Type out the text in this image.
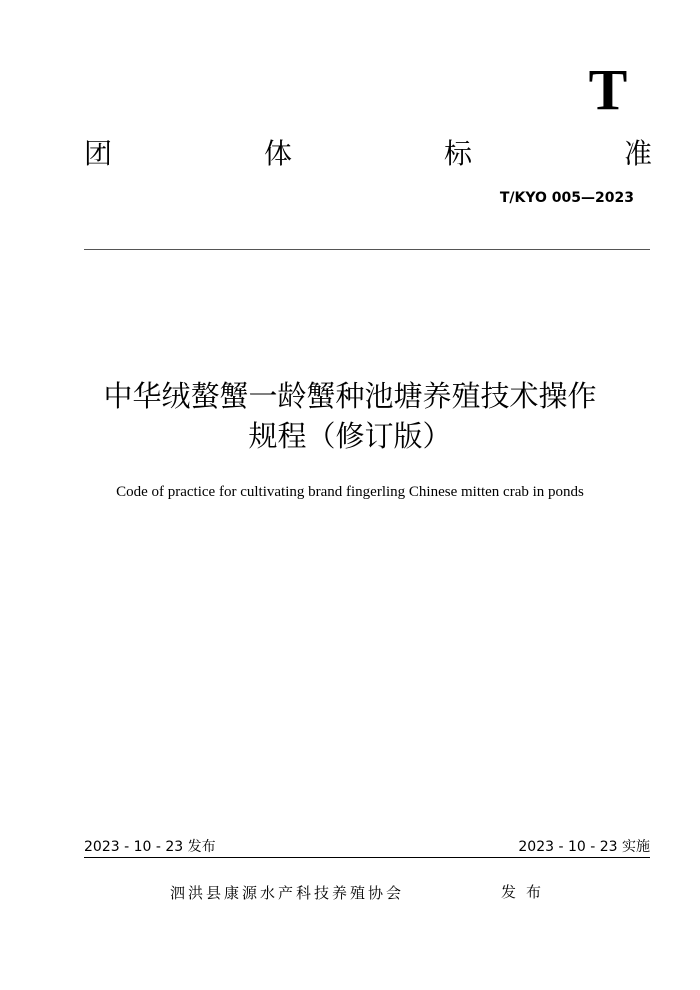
T
团	体	标	准
T/KYO 005—2023
中华绒螯蟹一龄蟹种池塘养殖技术操作
规程（修订版）
Code of practice for cultivating brand fingerling Chinese mitten crab in ponds
2023 - 10 - 23 发布	2023 - 10 - 23 实施
泗洪县康源水产科技养殖协会	发布
